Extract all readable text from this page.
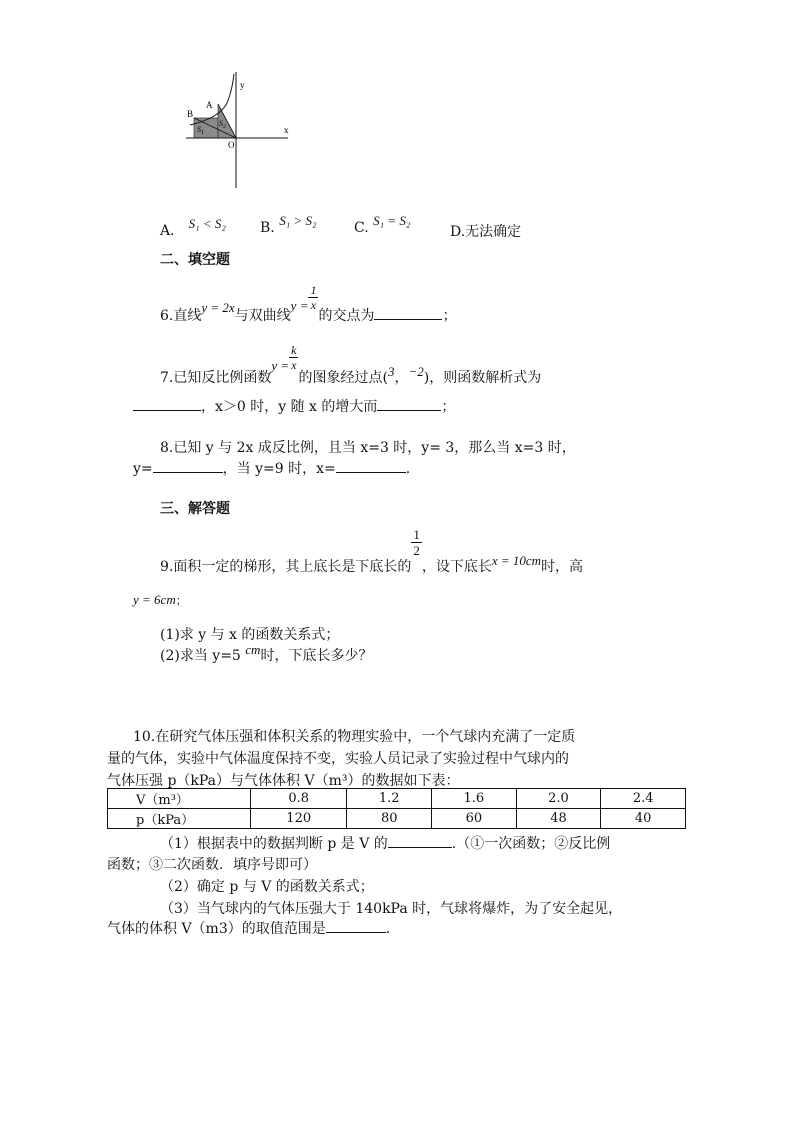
y
x
A
B
O
$S_1$
$S_2$
A． S₁ < S₂ B. S₁ > S₂	C. S₁ = S₂
D.无法确定
二、填空题
6.直线y = 2x与双曲线$y = \frac{1}{x}$
的交点为	；
7.已知反比例函数$y = \frac{k}{x}$
的图象经过点(3，−2)，则函数解析式为
，x＞0 时，y 随 x 的增大而	；
8.已知 y 与 2x 成反比例，且当 x=3 时，y= 3，那么当 x=3 时，
y=	，当 y=9 时，x=	.
三、解答题
9.面积一定的梯形，其上底长是下底长的
$\frac{1}{2}$
，设下底长x = 10cm时，高
y = 6cm；
(1)求 y 与 x 的函数关系式；
(2)求当 y=5 cm时，下底长多少？
10.在研究气体压强和体积关系的物理实验中，一个气球内充满了一定质
量的气体，实验中气体温度保持不变，实验人员记录了实验过程中气球内的
气体压强 p（kPa）与气体体积 V（m³）的数据如下表：
V（m³）	0.8	1.2	1.6	2.0	2.4
p（kPa）	120	80	60	48	40
（1）根据表中的数据判断 p 是 V 的	.（①一次函数；②反比例
函数；③二次函数．填序号即可）
（2）确定 p 与 V 的函数关系式；
（3）当气球内的气体压强大于 140kPa 时，气球将爆炸，为了安全起见，
气体的体积 V（m3）的取值范围是	.
